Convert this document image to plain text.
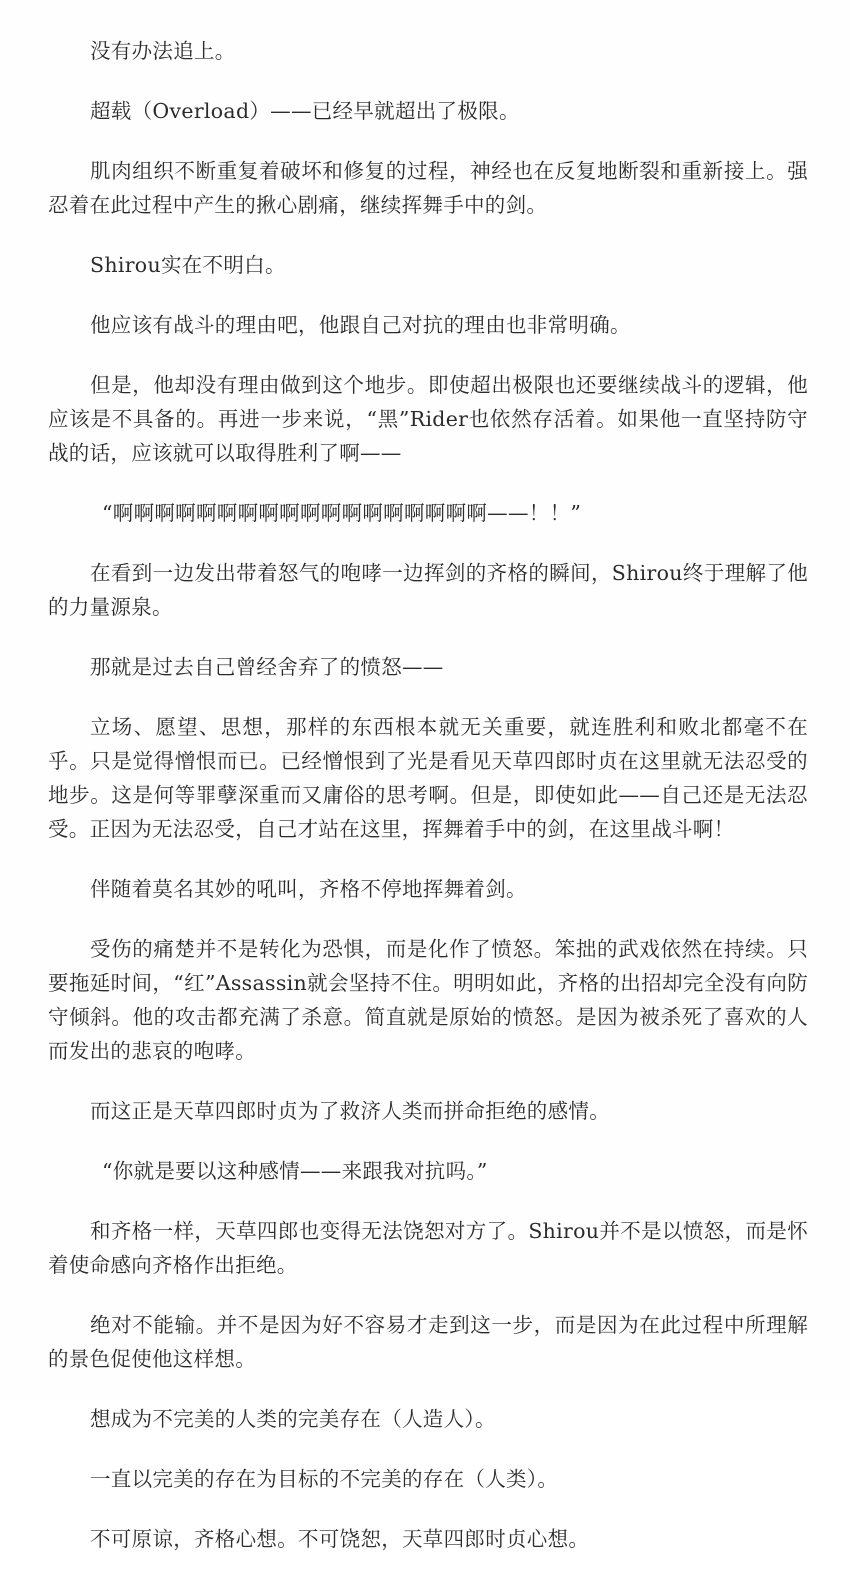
没有办法追上。

超载（Overload）——已经早就超出了极限。

肌肉组织不断重复着破坏和修复的过程，神经也在反复地断裂和重新接上。强忍着在此过程中产生的揪心剧痛，继续挥舞手中的剑。

Shirou实在不明白。

他应该有战斗的理由吧，他跟自己对抗的理由也非常明确。

但是，他却没有理由做到这个地步。即使超出极限也还要继续战斗的逻辑，他应该是不具备的。再进一步来说，“黑”Rider也依然存活着。如果他一直坚持防守战的话，应该就可以取得胜利了啊——

“啊啊啊啊啊啊啊啊啊啊啊啊啊啊啊啊啊啊——！！”

在看到一边发出带着怒气的咆哮一边挥剑的齐格的瞬间，Shirou终于理解了他的力量源泉。

那就是过去自己曾经舍弃了的愤怒——

立场、愿望、思想，那样的东西根本就无关重要，就连胜利和败北都毫不在乎。只是觉得憎恨而已。已经憎恨到了光是看见天草四郎时贞在这里就无法忍受的地步。这是何等罪孽深重而又庸俗的思考啊。但是，即使如此——自己还是无法忍受。正因为无法忍受，自己才站在这里，挥舞着手中的剑，在这里战斗啊！

伴随着莫名其妙的吼叫，齐格不停地挥舞着剑。

受伤的痛楚并不是转化为恐惧，而是化作了愤怒。笨拙的武戏依然在持续。只要拖延时间，“红”Assassin就会坚持不住。明明如此，齐格的出招却完全没有向防守倾斜。他的攻击都充满了杀意。简直就是原始的愤怒。是因为被杀死了喜欢的人而发出的悲哀的咆哮。

而这正是天草四郎时贞为了救济人类而拼命拒绝的感情。

“你就是要以这种感情——来跟我对抗吗。”

和齐格一样，天草四郎也变得无法饶恕对方了。Shirou并不是以愤怒，而是怀着使命感向齐格作出拒绝。

绝对不能输。并不是因为好不容易才走到这一步，而是因为在此过程中所理解的景色促使他这样想。

想成为不完美的人类的完美存在（人造人）。

一直以完美的存在为目标的不完美的存在（人类）。

不可原谅，齐格心想。不可饶恕，天草四郎时贞心想。
